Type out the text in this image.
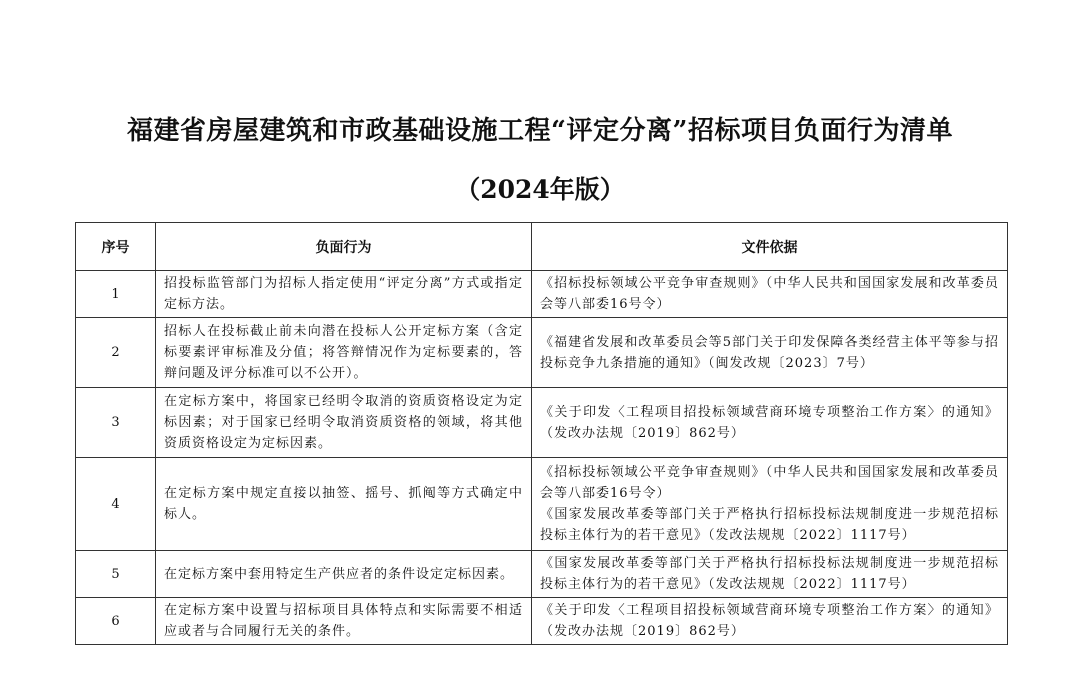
福建省房屋建筑和市政基础设施工程“评定分离”招标项目负面行为清单
（2024年版）
序号	负面行为	文件依据
1	招投标监管部门为招标人指定使用“评定分离”方式或指定定标方法。	《招标投标领域公平竞争审查规则》（中华人民共和国国家发展和改革委员会等八部委16号令）

2	招标人在投标截止前未向潜在投标人公开定标方案（含定标要素评审标准及分值；将答辩情况作为定标要素的，答辩问题及评分标准可以不公开）。	《福建省发展和改革委员会等5部门关于印发保障各类经营主体平等参与招投标竞争九条措施的通知》（闽发改规〔2023〕7号）

3	在定标方案中，将国家已经明令取消的资质资格设定为定标因素；对于国家已经明令取消资质资格的领域，将其他资质资格设定为定标因素。	《关于印发〈工程项目招投标领域营商环境专项整治工作方案〉的通知》（发改办法规〔2019〕862号）

4	在定标方案中规定直接以抽签、摇号、抓阄等方式确定中标人。	《招标投标领域公平竞争审查规则》（中华人民共和国国家发展和改革委员会等八部委16号令）
《国家发展改革委等部门关于严格执行招标投标法规制度进一步规范招标投标主体行为的若干意见》（发改法规规〔2022〕1117号）

5	在定标方案中套用特定生产供应者的条件设定定标因素。	《国家发展改革委等部门关于严格执行招标投标法规制度进一步规范招标投标主体行为的若干意见》（发改法规规〔2022〕1117号）

6	在定标方案中设置与招标项目具体特点和实际需要不相适应或者与合同履行无关的条件。	《关于印发〈工程项目招投标领域营商环境专项整治工作方案〉的通知》（发改办法规〔2019〕862号）
